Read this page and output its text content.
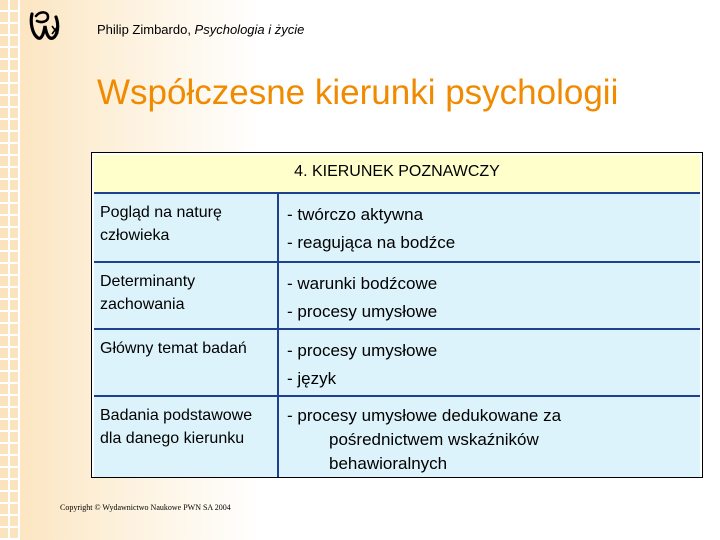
Philip Zimbardo, Psychologia i życie
Współczesne kierunki psychologii
4. KIERUNEK POZNAWCZY
Pogląd na naturę człowieka
- twórczo aktywna
- reagująca na bodźce
Determinanty zachowania
- warunki bodźcowe
- procesy umysłowe
Główny temat badań	- procesy umysłowe
- język
Badania podstawowe dla danego kierunku
- procesy umysłowe dedukowane za
pośrednictwem wskaźników
behawioralnych
Copyright © Wydawnictwo Naukowe PWN SA 2004
